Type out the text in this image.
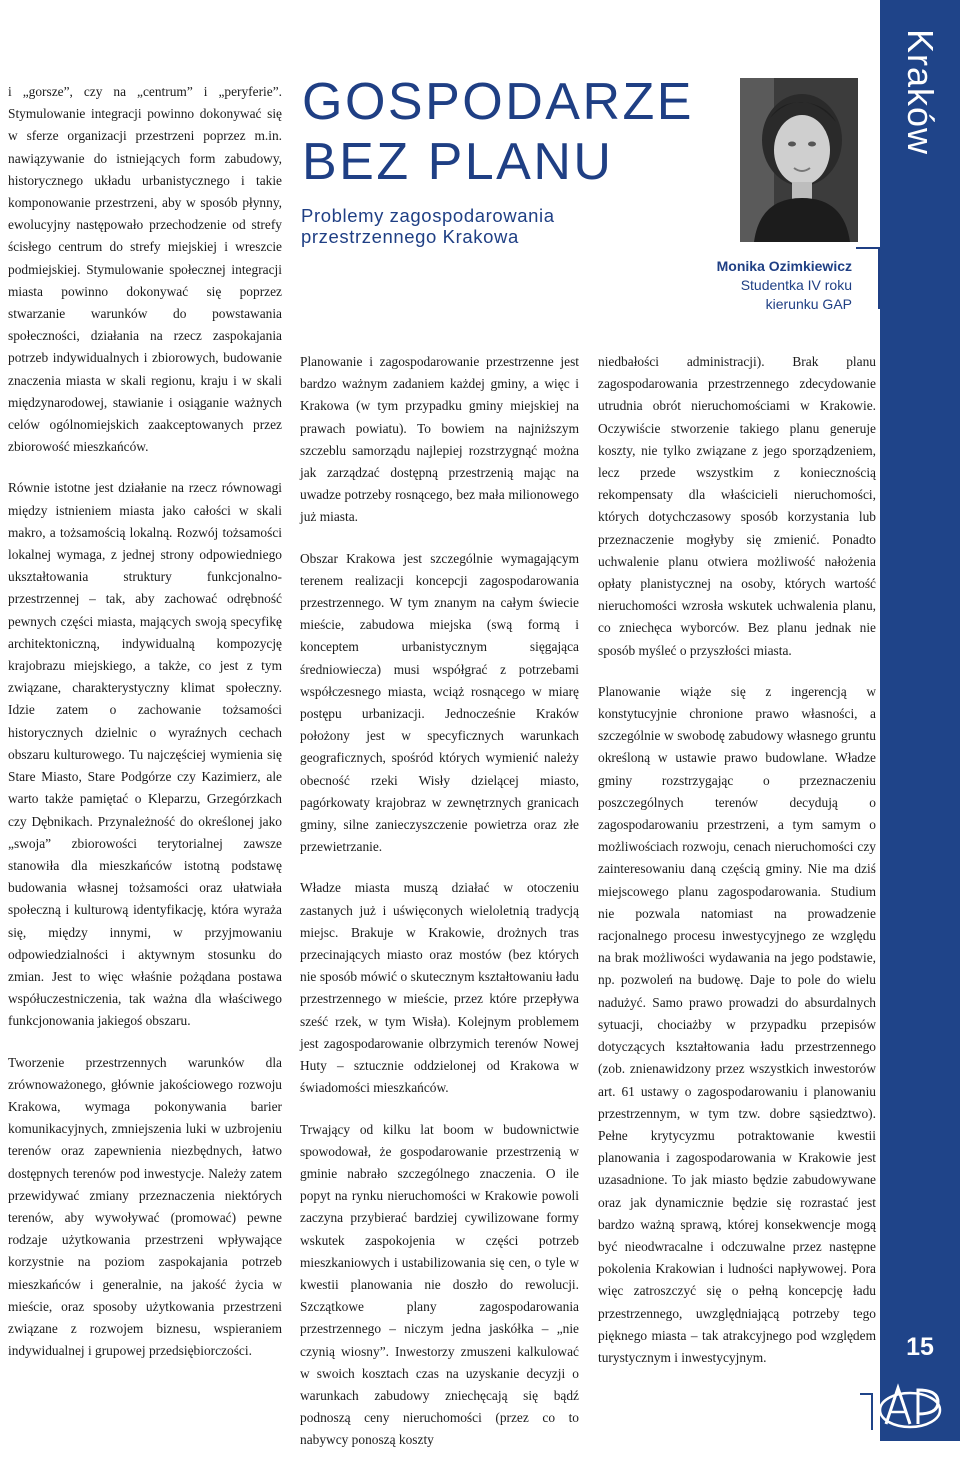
i „gorsze”, czy na „centrum” i „peryferie”. Stymulowanie integracji powinno dokonywać się w sferze organizacji przestrzeni poprzez m.in. nawiązywanie do istniejących form zabudowy, historycznego układu urbanistycznego i takie komponowanie przestrzeni, aby w sposób płynny, ewolucyjny następowało przechodzenie od strefy ścisłego centrum do strefy miejskiej i wreszcie podmiejskiej. Stymulowanie społecznej integracji miasta powinno dokonywać się poprzez stwarzanie warunków do powstawania społeczności, działania na rzecz zaspokajania potrzeb indywidualnych i zbiorowych, budowanie znaczenia miasta w skali regionu, kraju i w skali międzynarodowej, stawianie i osiąganie ważnych celów ogólnomiejskich zaakceptowanych przez zbiorowość mieszkańców.

Równie istotne jest działanie na rzecz równowagi między istnieniem miasta jako całości w skali makro, a tożsamością lokalną. Rozwój tożsamości lokalnej wymaga, z jednej strony odpowiedniego ukształtowania struktury funkcjonalno-przestrzennej – tak, aby zachować odrębność pewnych części miasta, mających swoją specyfikę architektoniczną, indywidualną kompozycję krajobrazu miejskiego, a także, co jest z tym związane, charakterystyczny klimat społeczny. Idzie zatem o zachowanie tożsamości historycznych dzielnic o wyraźnych cechach obszaru kulturowego. Tu najczęściej wymienia się Stare Miasto, Stare Podgórze czy Kazimierz, ale warto także pamiętać o Kleparzu, Grzegórzkach czy Dębnikach. Przynależność do określonej jako „swoja” zbiorowości terytorialnej zawsze stanowiła dla mieszkańców istotną podstawę budowania własnej tożsamości oraz ułatwiała społeczną i kulturową identyfikację, która wyraża się, między innymi, w przyjmowaniu odpowiedzialności i aktywnym stosunku do zmian. Jest to więc właśnie pożądana postawa współuczestniczenia, tak ważna dla właściwego funkcjonowania jakiegoś obszaru.

Tworzenie przestrzennych warunków dla zrównoważonego, głównie jakościowego rozwoju Krakowa, wymaga pokonywania barier komunikacyjnych, zmniejszenia luki w uzbrojeniu terenów oraz zapewnienia niezbędnych, łatwo dostępnych terenów pod inwestycje. Należy zatem przewidywać zmiany przeznaczenia niektórych terenów, aby wywoływać (promować) pewne rodzaje użytkowania przestrzeni wpływające korzystnie na poziom zaspokajania potrzeb mieszkańców i generalnie, na jakość życia w mieście, oraz sposoby użytkowania przestrzeni związane z rozwojem biznesu, wspieraniem indywidualnej i grupowej przedsiębiorczości.

GOSPODARZE
BEZ PLANU
Problemy zagospodarowania
przestrzennego Krakowa
Monika Ozimkiewicz
Studentka IV roku
kierunku GAP

Planowanie i zagospodarowanie przestrzenne jest bardzo ważnym zadaniem każdej gminy, a więc i Krakowa (w tym przypadku gminy miejskiej na prawach powiatu). To bowiem na najniższym szczeblu samorządu najlepiej rozstrzygnąć można jak zarządzać dostępną przestrzenią mając na uwadze potrzeby rosnącego, bez mała milionowego już miasta.

Obszar Krakowa jest szczególnie wymagającym terenem realizacji koncepcji zagospodarowania przestrzennego. W tym znanym na całym świecie mieście, zabudowa miejska (swą formą i konceptem urbanistycznym sięgająca średniowiecza) musi współgrać z potrzebami współczesnego miasta, wciąż rosnącego w miarę postępu urbanizacji. Jednocześnie Kraków położony jest w specyficznych warunkach geograficznych, spośród których wymienić należy obecność rzeki Wisły dzielącej miasto, pagórkowaty krajobraz w zewnętrznych granicach gminy, silne zanieczyszczenie powietrza oraz złe przewietrzanie.

Władze miasta muszą działać w otoczeniu zastanych już i uświęconych wieloletnią tradycją miejsc. Brakuje w Krakowie, drożnych tras przecinających miasto oraz mostów (bez których nie sposób mówić o skutecznym kształtowaniu ładu przestrzennego w mieście, przez które przepływa sześć rzek, w tym Wisła). Kolejnym problemem jest zagospodarowanie olbrzymich terenów Nowej Huty – sztucznie oddzielonej od Krakowa w świadomości mieszkańców.

Trwający od kilku lat boom w budownictwie spowodował, że gospodarowanie przestrzenią w gminie nabrało szczególnego znaczenia. O ile popyt na rynku nieruchomości w Krakowie powoli zaczyna przybierać bardziej cywilizowane formy wskutek zaspokojenia w części potrzeb mieszkaniowych i ustabilizowania się cen, o tyle w kwestii planowania nie doszło do rewolucji. Szczątkowe plany zagospodarowania przestrzennego – niczym jedna jaskółka – „nie czynią wiosny”. Inwestorzy zmuszeni kalkulować w swoich kosztach czas na uzyskanie decyzji o warunkach zabudowy zniechęcają się bądź podnoszą ceny nieruchomości (przez co to nabywcy ponoszą koszty

niedbałości administracji). Brak planu zagospodarowania przestrzennego zdecydowanie utrudnia obrót nieruchomościami w Krakowie. Oczywiście stworzenie takiego planu generuje koszty, nie tylko związane z jego sporządzeniem, lecz przede wszystkim z koniecznością rekompensaty dla właścicieli nieruchomości, których dotychczasowy sposób korzystania lub przeznaczenie mogłyby się zmienić. Ponadto uchwalenie planu otwiera możliwość nałożenia opłaty planistycznej na osoby, których wartość nieruchomości wzrosła wskutek uchwalenia planu, co zniechęca wyborców. Bez planu jednak nie sposób myśleć o przyszłości miasta.

Planowanie wiąże się z ingerencją w konstytucyjnie chronione prawo własności, a szczególnie w swobodę zabudowy własnego gruntu określoną w ustawie prawo budowlane. Władze gminy rozstrzygając o przeznaczeniu poszczególnych terenów decydują o zagospodarowaniu przestrzeni, a tym samym o możliwościach rozwoju, cenach nieruchomości czy zainteresowaniu daną częścią gminy. Nie ma dziś miejscowego planu zagospodarowania. Studium nie pozwala natomiast na prowadzenie racjonalnego procesu inwestycyjnego ze względu na brak możliwości wydawania na jego podstawie, np. pozwoleń na budowę. Daje to pole do wielu nadużyć. Samo prawo prowadzi do absurdalnych sytuacji, chociażby w przypadku przepisów dotyczących kształtowania ładu przestrzennego (zob. znienawidzony przez wszystkich inwestorów art. 61 ustawy o zagospodarowaniu i planowaniu przestrzennym, w tym tzw. dobre sąsiedztwo). Pełne krytycyzmu potraktowanie kwestii planowania i zagospodarowania w Krakowie jest uzasadnione. To jak miasto będzie zabudowywane oraz jak dynamicznie będzie się rozrastać jest bardzo ważną sprawą, której konsekwencje mogą być nieodwracalne i odczuwalne przez następne pokolenia Krakowian i ludności napływowej. Pora więc zatroszczyć się o pełną koncepcję ładu przestrzennego, uwzględniającą potrzeby tego pięknego miasta – tak atrakcyjnego pod względem turystycznym i inwestycyjnym.

Kraków
15
GAP
